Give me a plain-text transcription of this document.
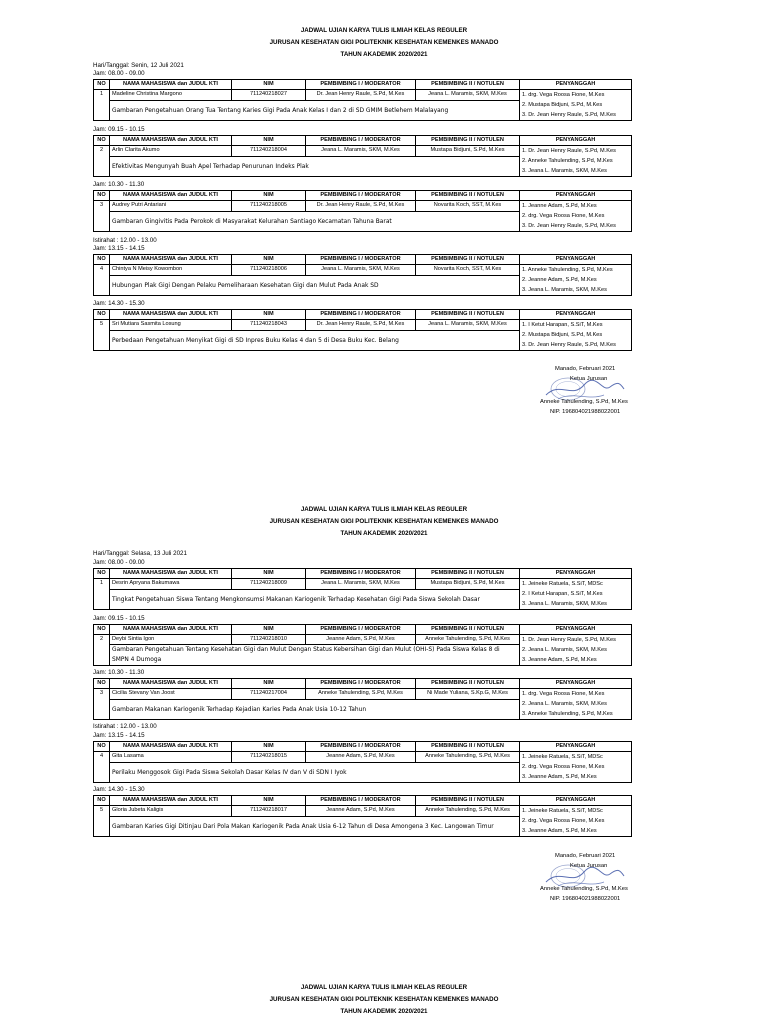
JADWAL UJIAN KARYA TULIS ILMIAH KELAS REGULER
JURUSAN KESEHATAN GIGI POLITEKNIK KESEHATAN KEMENKES MANADO
TAHUN AKADEMIK 2020/2021
Hari/Tanggal: Senin, 12 Juli 2021
Jam: 08.00 - 09.00
NO	NAMA MAHASISWA dan JUDUL KTI	NIM	PEMBIMBING I / MODERATOR	PEMBIMBING II / NOTULEN	PENYANGGAH
1	Madeline Christina Margono	711240218027	Dr. Jean Henry Raule, S.Pd, M.Kes	Jeana L. Maramis, SKM, M.Kes	1. drg. Vega Roosa Fione, M.Kes
2. Mustapa Bidjuni, S.Pd, M.Kes
3. Dr. Jean Henry Raule, S.Pd, M.Kes

	Gambaran Pengetahuan Orang Tua Tentang Karies Gigi Pada Anak Kelas I dan 2 di SD GMIM Betlehem Malalayang				
Jam: 09.15 - 10.15
NO	NAMA MAHASISWA dan JUDUL KTI	NIM	PEMBIMBING I / MODERATOR	PEMBIMBING II / NOTULEN	PENYANGGAH
2	Arlin Clarita Akumo	711240218004	Jeana L. Maramis, SKM, M.Kes	Mustapa Bidjuni, S.Pd, M.Kes	1. Dr. Jean Henry Raule, S.Pd, M.Kes
2. Anneke Tahulending, S.Pd, M.Kes
3. Jeana L. Maramis, SKM, M.Kes

	Efektivitas Mengunyah Buah Apel Terhadap Penurunan Indeks Plak				
Jam: 10.30 - 11.30
NO	NAMA MAHASISWA dan JUDUL KTI	NIM	PEMBIMBING I / MODERATOR	PEMBIMBING II / NOTULEN	PENYANGGAH
3	Audrey Putri Antariani	711240218005	Dr. Jean Henry Raule, S.Pd, M.Kes	Novarita Koch, SST, M.Kes	1. Jeanne Adam, S.Pd, M.Kes
2. drg. Vega Roosa Fione, M.Kes
3. Dr. Jean Henry Raule, S.Pd, M.Kes

	Gambaran Gingivitis Pada Perokok di Masyarakat Kelurahan Santiago Kecamatan Tahuna Barat				
Jam: 13.15 - 14.15
NO	NAMA MAHASISWA dan JUDUL KTI	NIM	PEMBIMBING I / MODERATOR	PEMBIMBING II / NOTULEN	PENYANGGAH
4	Chintya N Meisy Kowombon	711240218006	Jeana L. Maramis, SKM, M.Kes	Novarita Koch, SST, M.Kes	1. Anneke Tahulending, S.Pd, M.Kes
2. Jeanne Adam, S.Pd, M.Kes
3. Jeana L. Maramis, SKM, M.Kes

	Hubungan Plak Gigi Dengan Pelaku Pemeliharaan Kesehatan Gigi dan Mulut Pada Anak SD				
Jam: 14.30 - 15.30
NO	NAMA MAHASISWA dan JUDUL KTI	NIM	PEMBIMBING I / MODERATOR	PEMBIMBING II / NOTULEN	PENYANGGAH
5	Sri Mutiara Sasmita Losung	711240218043	Dr. Jean Henry Raule, S.Pd, M.Kes	Jeana L. Maramis, SKM, M.Kes	1. I Ketut Harapan, S.SiT, M.Kes
2. Mustapa Bidjuni, S.Pd, M.Kes
3. Dr. Jean Henry Raule, S.Pd, M.Kes

	Perbedaan Pengetahuan Menyikat Gigi di SD Inpres Buku Kelas 4 dan 5 di Desa Buku Kec. Belang				
Istirahat : 12.00 - 13.00
Manado, Februari 2021
Ketua Jurusan
Anneke Tahulending, S.Pd, M.Kes
NIP. 196804021988022001
JADWAL UJIAN KARYA TULIS ILMIAH KELAS REGULER
JURUSAN KESEHATAN GIGI POLITEKNIK KESEHATAN KEMENKES MANADO
TAHUN AKADEMIK 2020/2021
Hari/Tanggal: Selasa, 13 Juli 2021
Jam: 08.00 - 09.00
NO	NAMA MAHASISWA dan JUDUL KTI	NIM	PEMBIMBING I / MODERATOR	PEMBIMBING II / NOTULEN	PENYANGGAH
1	Desrin Apryana Bakumawa	711240218009	Jeana L. Maramis, SKM, M.Kes	Mustapa Bidjuni, S.Pd, M.Kes	1. Jeineke Ratuela, S.SiT, MDSc
2. I Ketut Harapan, S.SiT, M.Kes
3. Jeana L. Maramis, SKM, M.Kes

	Tingkat Pengetahuan Siswa Tentang Mengkonsumsi Makanan Kariogenik Terhadap Kesehatan Gigi Pada Siswa Sekolah Dasar				
Jam: 09.15 - 10.15
NO	NAMA MAHASISWA dan JUDUL KTI	NIM	PEMBIMBING I / MODERATOR	PEMBIMBING II / NOTULEN	PENYANGGAH
2	Deybi Sintia Igon	711240218010	Jeanne Adam, S.Pd, M.Kes	Anneke Tahulending, S.Pd, M.Kes	1. Dr. Jean Henry Raule, S.Pd, M.Kes
2. Jeana L. Maramis, SKM, M.Kes
3. Jeanne Adam, S.Pd, M.Kes

	Gambaran Pengetahuan Tentang Kesehatan Gigi dan Mulut Dengan Status Kebersihan Gigi dan Mulut (OHI-S) Pada Siswa Kelas 8 di SMPN 4 Dumoga				
Jam: 10.30 - 11.30
NO	NAMA MAHASISWA dan JUDUL KTI	NIM	PEMBIMBING I / MODERATOR	PEMBIMBING II / NOTULEN	PENYANGGAH
3	Cicilia Stevany Van Joost	711240217004	Anneke Tahulending, S.Pd, M.Kes	Ni Made Yuliana, S.Kp.G, M.Kes	1. drg. Vega Roosa Fione, M.Kes
2. Jeana L. Maramis, SKM, M.Kes
3. Anneke Tahulending, S.Pd, M.Kes

	Gambaran Makanan Kariogenik Terhadap Kejadian Karies Pada Anak Usia 10-12 Tahun				
Jam: 13.15 - 14.15
NO	NAMA MAHASISWA dan JUDUL KTI	NIM	PEMBIMBING I / MODERATOR	PEMBIMBING II / NOTULEN	PENYANGGAH
4	Gita Lasama	711240218015	Jeanne Adam, S.Pd, M.Kes	Anneke Tahulending, S.Pd, M.Kes	1. Jeineke Ratuela, S.SiT, MDSc
2. drg. Vega Roosa Fione, M.Kes
3. Jeanne Adam, S.Pd, M.Kes

	Perilaku Menggosok Gigi Pada Siswa Sekolah Dasar Kelas IV dan V di SDN I Iyok				
Jam: 14.30 - 15.30
NO	NAMA MAHASISWA dan JUDUL KTI	NIM	PEMBIMBING I / MODERATOR	PEMBIMBING II / NOTULEN	PENYANGGAH
5	Gloria Jubeta Kaligis	711240218017	Jeanne Adam, S.Pd, M.Kes	Anneke Tahulending, S.Pd, M.Kes	1. Jeineke Ratuela, S.SiT, MDSc
2. drg. Vega Roosa Fione, M.Kes
3. Jeanne Adam, S.Pd, M.Kes

	Gambaran Karies Gigi Ditinjau Dari Pola Makan Kariogenik Pada Anak Usia 6-12 Tahun di Desa Amongena 3 Kec. Langowan Timur				
Istirahat : 12.00 - 13.00
Manado, Februari 2021
Ketua Jurusan
Anneke Tahulending, S.Pd, M.Kes
NIP. 196804021988022001
JADWAL UJIAN KARYA TULIS ILMIAH KELAS REGULER
JURUSAN KESEHATAN GIGI POLITEKNIK KESEHATAN KEMENKES MANADO
TAHUN AKADEMIK 2020/2021
